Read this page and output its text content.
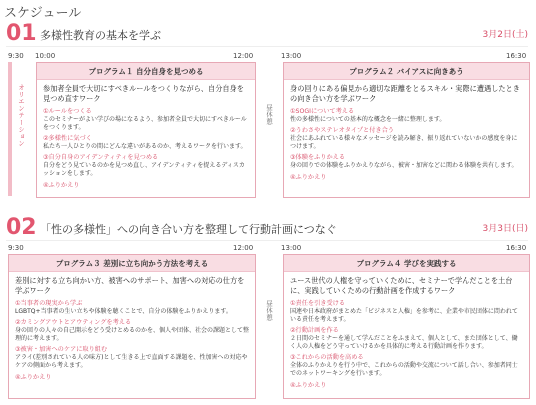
スケジュール
01 多様性教育の基本を学ぶ	3月2日(土)
9:30 10:00	12:00	13:00	16:30
オリエンテーション
プログラム１ 自分自身を見つめる
参加者全員で大切にすべきルールをつくりながら、自分自身を見つめ直すワーク
①ルールをつくる
このセミナーがよい学びの場になるよう、参加者全員で大切にすべきルールをつくります。
②多様性に気づく
私たち一人ひとりの間にどんな違いがあるのか、考えるワークを行います。
③自分自身のアイデンティティを見つめる
自分をどう見ているのかを見つめ直し、アイデンティティを捉えるディスカッションをします。
④ふりかえり
昼休憩
プログラム２ バイアスに向きあう
身の回りにある偏見から適切な距離をとるスキル・実際に遭遇したときの向き合い方を学ぶワーク
①SOGIについて考える
性の多様性についての基本的な概念を一緒に整理します。
②うわさやステレオタイプと付き合う
社会にあふれている様々なメッセージを読み解き、振り返れていないかの感度を身につけます。
③体験をふりかえる
身の回りでの体験をふりかえりながら、被害・加害などに関わる体験を共有します。
④ふりかえり
02 「性の多様性」への向き合い方を整理して行動計画につなぐ	3月3日(日)
9:30	12:00	13:00	16:30
プログラム３ 差別に立ち向かう方法を考える
差別に対する立ち向かい方、被害へのサポート、加害への対応の仕方を学ぶワーク
①当事者の現実から学ぶ
LGBTQ+当事者の生い立ちや体験を聴くことで、自分の体験をふりかえります。
②カミングアウトとアウティングを考える
身の回りの人々の自己開示をどう受けとめるのかを、個人や団体、社会の課題として整理的に考えます。
③被害・加害へのケアに取り組む
アライ(差別されている人の味方)として生きる上で直面する課題を、性加害への対応やケアの側面から考えます。
④ふりかえり
昼休憩
プログラム４ 学びを実践する
ユース世代の人権を守っていくために、セミナーで学んだことを土台に、実践していくための行動計画を作成するワーク
①責任を引き受ける
国連や日本政府がまとめた「ビジネスと人権」を参考に、企業や市民団体に問われている責任を考えます。
②行動計画を作る
２日間のセミナーを通して学んだことをふまえて、個人として、また団体として、働く人の人権をどう守っていけるかを具体的に考える行動計画を作ります。
③これからの活動を高める
全体のふりかえりを行う中で、これからの活動や交流について話し合い、参加者同士でのネットワーキングを行います。
④ふりかえり
